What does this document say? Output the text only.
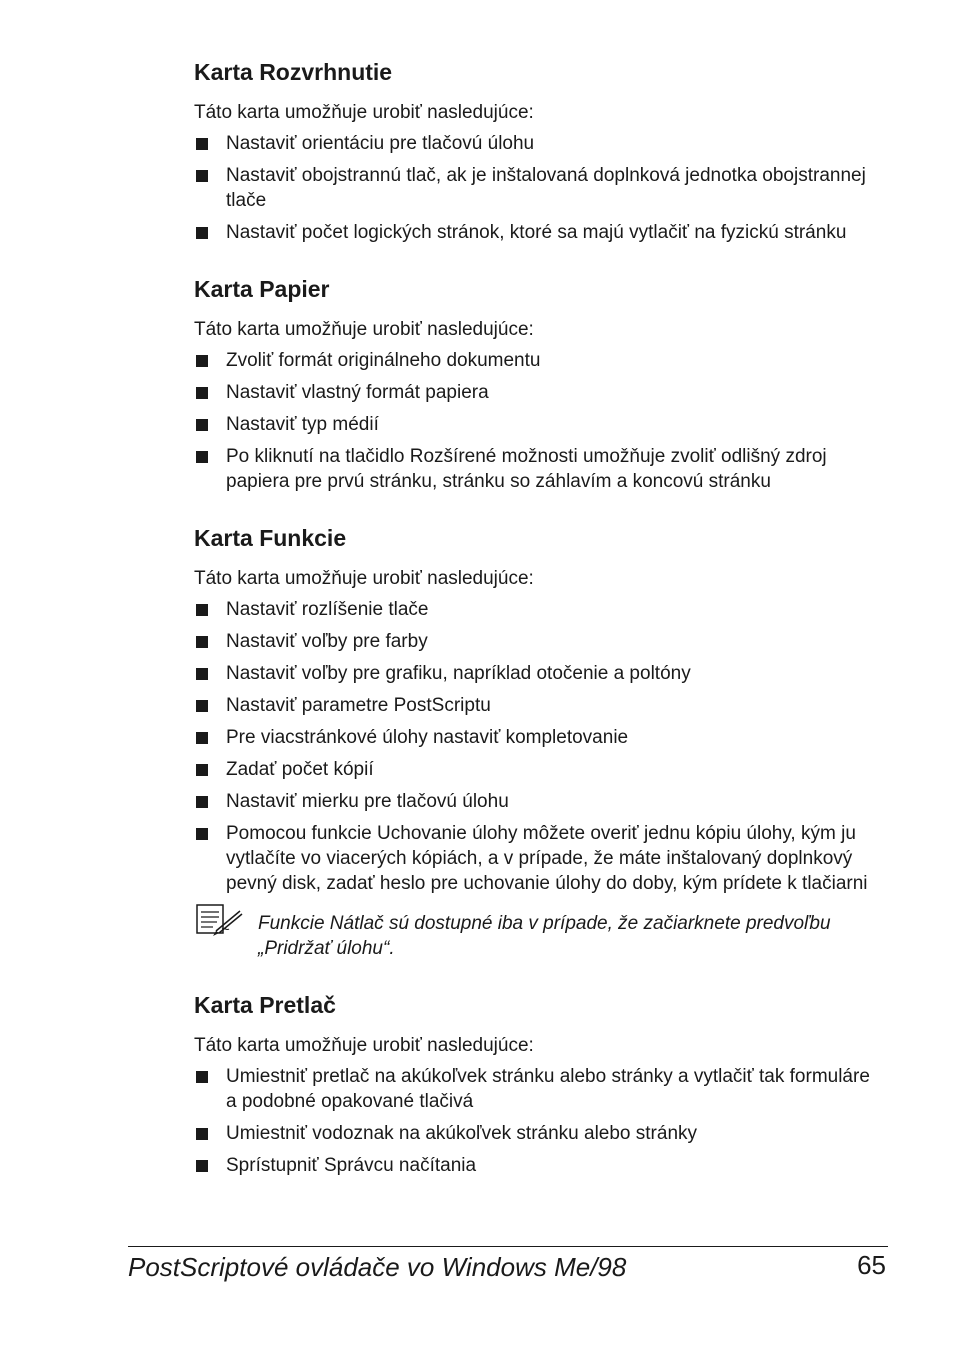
Karta Rozvrhnutie

Táto karta umožňuje urobiť nasledujúce:

Nastaviť orientáciu pre tlačovú úlohu
Nastaviť obojstrannú tlač, ak je inštalovaná doplnková jednotka obojstrannej tlače
Nastaviť počet logických stránok, ktoré sa majú vytlačiť na fyzickú stránku
Karta Papier

Táto karta umožňuje urobiť nasledujúce:

Zvoliť formát originálneho dokumentu
Nastaviť vlastný formát papiera
Nastaviť typ médií
Po kliknutí na tlačidlo Rozšírené možnosti umožňuje zvoliť odlišný zdroj papiera pre prvú stránku, stránku so záhlavím a koncovú stránku
Karta Funkcie

Táto karta umožňuje urobiť nasledujúce:

Nastaviť rozlíšenie tlače
Nastaviť voľby pre farby
Nastaviť voľby pre grafiku, napríklad otočenie a poltóny
Nastaviť parametre PostScriptu
Pre viacstránkové úlohy nastaviť kompletovanie
Zadať počet kópií
Nastaviť mierku pre tlačovú úlohu
Pomocou funkcie Uchovanie úlohy môžete overiť jednu kópiu úlohy, kým ju vytlačíte vo viacerých kópiách, a v prípade, že máte inštalovaný doplnkový pevný disk, zadať heslo pre uchovanie úlohy do doby, kým prídete k tlačiarni
Funkcie Nátlač sú dostupné iba v prípade, že začiarknete predvoľbu „Pridržať úlohu“.
Karta Pretlač

Táto karta umožňuje urobiť nasledujúce:

Umiestniť pretlač na akúkoľvek stránku alebo stránky a vytlačiť tak formuláre a podobné opakované tlačivá
Umiestniť vodoznak na akúkoľvek stránku alebo stránky
Sprístupniť Správcu načítania
PostScriptové ovládače vo Windows Me/98	65
